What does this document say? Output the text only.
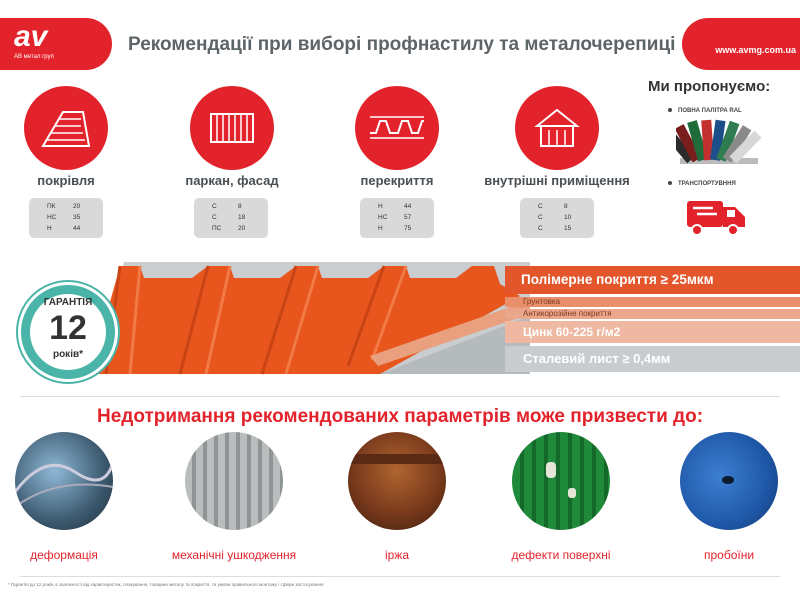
av
АВ метал груп
Рекомендації при виборі профнастилу та металочерепиці	www.avmg.com.ua
покрівля
ПК	20
НС	35
Н	44
паркан, фасад
С	8
С	18
ПС	20
перекриття
Н	44
НС	57
Н	75
внутрішні приміщення
С	8
С	10
С	15
Ми пропонуємо:
ПОВНА ПАЛІТРА RAL
ТРАНСПОРТУВННЯ
Полімерне покриття ≥ 25мкм
Грунтовка
Антикорозійне покриття
Цинк 60-225 г/м2
Сталевий лист ≥ 0,4мм
ГАРАНТІЯ
12
років*
Недотримання рекомендованих параметрів може призвести до:
деформація	механічні ушкодження	іржа	дефекти поверхні	пробоїни
* Гарантія до 12 років, в залежності від характеристик, плакування, товщини металу та покриття, та умови правильного монтажу і сфери застосування
